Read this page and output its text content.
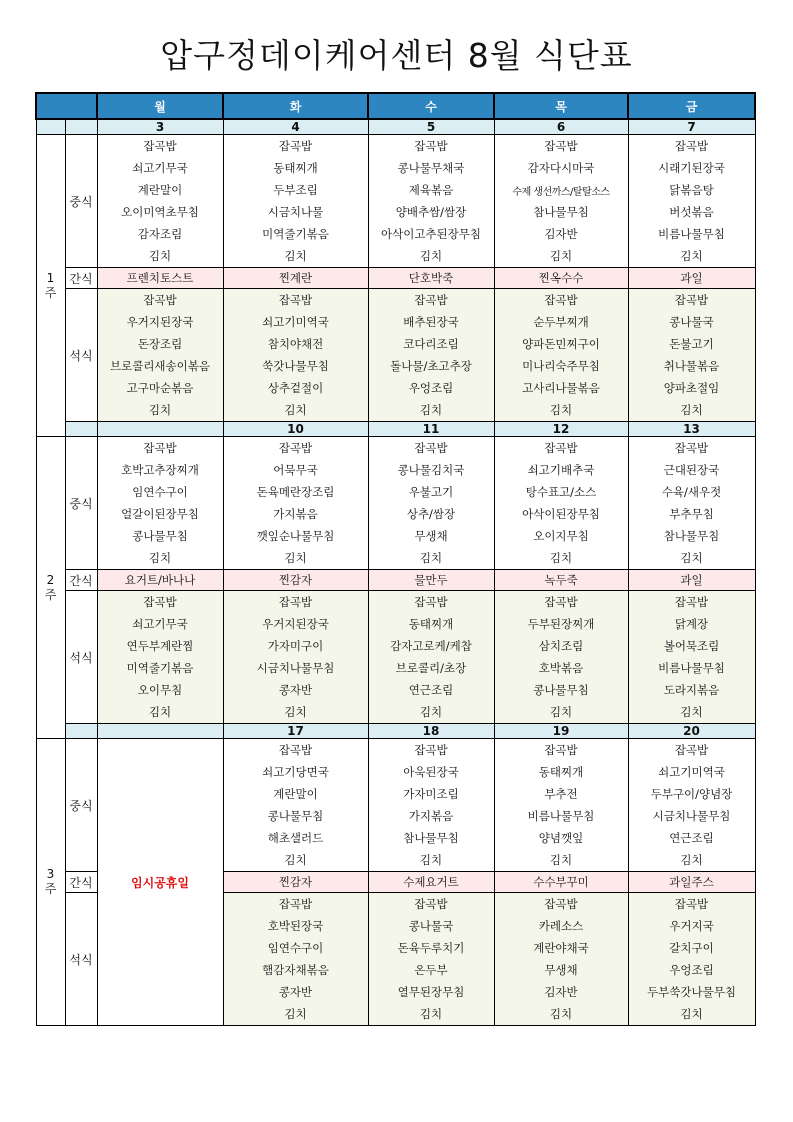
압구정데이케어센터 8월 식단표
		월	화	수	목	금	
		3	4	5	6	7	
1
주	중식	잡곡밥	잡곡밥	잡곡밥	잡곡밥	잡곡밥	
		쇠고기무국	동태찌개	콩나물무채국	감자다시마국	시래기된장국	
		계란말이	두부조림	제육볶음	수제 생선까스/탈탈소스	닭볶음탕	
		오이미역초무침	시금치나물	양배추쌈/쌈장	참나물무침	버섯볶음	
		감자조림	미역줄기볶음	아삭이고추된장무침	김자반	비름나물무침	
		김치	김치	김치	김치	김치	
	간식	프렌치토스트	찐계란	단호박죽	찐옥수수	과일	
	석식	잡곡밥	잡곡밥	잡곡밥	잡곡밥	잡곡밥	
		우거지된장국	쇠고기미역국	배추된장국	순두부찌개	콩나물국	
		돈장조림	참치야채전	코다리조림	양파돈민찌구이	돈불고기	
		브로콜리새송이볶음	쑥갓나물무침	돌나물/초고추장	미나리숙주무침	취나물볶음	
		고구마순볶음	상추겉절이	우엉조림	고사리나물볶음	양파초절임	
		김치	김치	김치	김치	김치	
			10	11	12	13	
2
주	중식	잡곡밥	잡곡밥	잡곡밥	잡곡밥	잡곡밥	
		호박고추장찌개	어묵무국	콩나물김치국	쇠고기배추국	근대된장국	
		임연수구이	돈육메란장조림	우불고기	탕수표고/소스	수육/새우젓	
		얼갈이된장무침	가지볶음	상추/쌈장	아삭이된장무침	부추무침	
		콩나물무침	깻잎순나물무침	무생채	오이지무침	참나물무침	
		김치	김치	김치	김치	김치	
	간식	요거트/바나나	찐감자	물만두	녹두죽	과일	
	석식	잡곡밥	잡곡밥	잡곡밥	잡곡밥	잡곡밥	
		쇠고기무국	우거지된장국	동태찌개	두부된장찌개	닭계장	
		연두부계란찜	가자미구이	감자고로케/케찹	삼치조림	볼어묵조림	
		미역줄기볶음	시금치나물무침	브로콜리/초장	호박볶음	비름나물무침	
		오이무침	콩자반	연근조림	콩나물무침	도라지볶음	
		김치	김치	김치	김치	김치	
			17	18	19	20	
3
주	중식	임시공휴일	잡곡밥	잡곡밥	잡곡밥	잡곡밥	
			쇠고기당면국	아욱된장국	동태찌개	쇠고기미역국	
			계란말이	가자미조림	부추전	두부구이/양념장	
			콩나물무침	가지볶음	비름나물무침	시금치나물무침	
			해초샐러드	참나물무침	양념깻잎	연근조림	
			김치	김치	김치	김치	
	간식		찐감자	수제요거트	수수부꾸미	과일주스	
	석식		잡곡밥	잡곡밥	잡곡밥	잡곡밥	
			호박된장국	콩나물국	카레소스	우거지국	
			임연수구이	돈육두루치기	계란야채국	갈치구이	
			햄감자채볶음	온두부	무생채	우엉조림	
			콩자반	열무된장무침	김자반	두부쑥갓나물무침	
			김치	김치	김치	김치	
